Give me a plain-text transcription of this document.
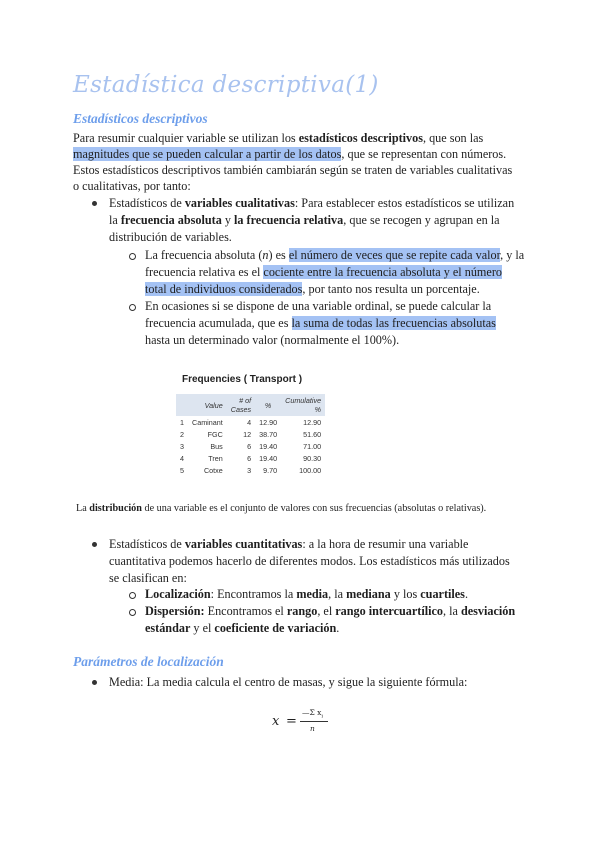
Estadística descriptiva(1)
Estadísticos descriptivos
Para resumir cualquier variable se utilizan los estadísticos descriptivos, que son las
magnitudes que se pueden calcular a partir de los datos, que se representan con números.
Estos estadísticos descriptivos también cambiarán según se traten de variables cualitativas
o cualitativas, por tanto:
Estadísticos de variables cualitativas: Para establecer estos estadísticos se utilizan
la frecuencia absoluta y la frecuencia relativa, que se recogen y agrupan en la
distribución de variables.
La frecuencia absoluta (n) es el número de veces que se repite cada valor, y la
frecuencia relativa es el cociente entre la frecuencia absoluta y el número
total de individuos considerados, por tanto nos resulta un porcentaje.
En ocasiones si se dispone de una variable ordinal, se puede calcular la
frecuencia acumulada, que es la suma de todas las frecuencias absolutas
hasta un determinado valor (normalmente el 100%).
Frequencies ( Transport )
	Value	# of Cases	%	Cumulative %
1	Caminant	4	12.90	12.90
2	FGC	12	38.70	51.60
3	Bus	6	19.40	71.00
4	Tren	6	19.40	90.30
5	Cotxe	3	9.70	100.00
La distribución de una variable es el conjunto de valores con sus frecuencias (absolutas o relativas).
Estadísticos de variables cuantitativas: a la hora de resumir una variable
cuantitativa podemos hacerlo de diferentes modos. Los estadísticos más utilizados
se clasifican en:
Localización: Encontramos la media, la mediana y los cuartiles.
Dispersión: Encontramos el rango, el rango intercuartílico, la desviación
estándar y el coeficiente de variación.
Parámetros de localización
Media: La media calcula el centro de masas, y sigue la siguiente fórmula:
x =
—Σ $x_i$
n
